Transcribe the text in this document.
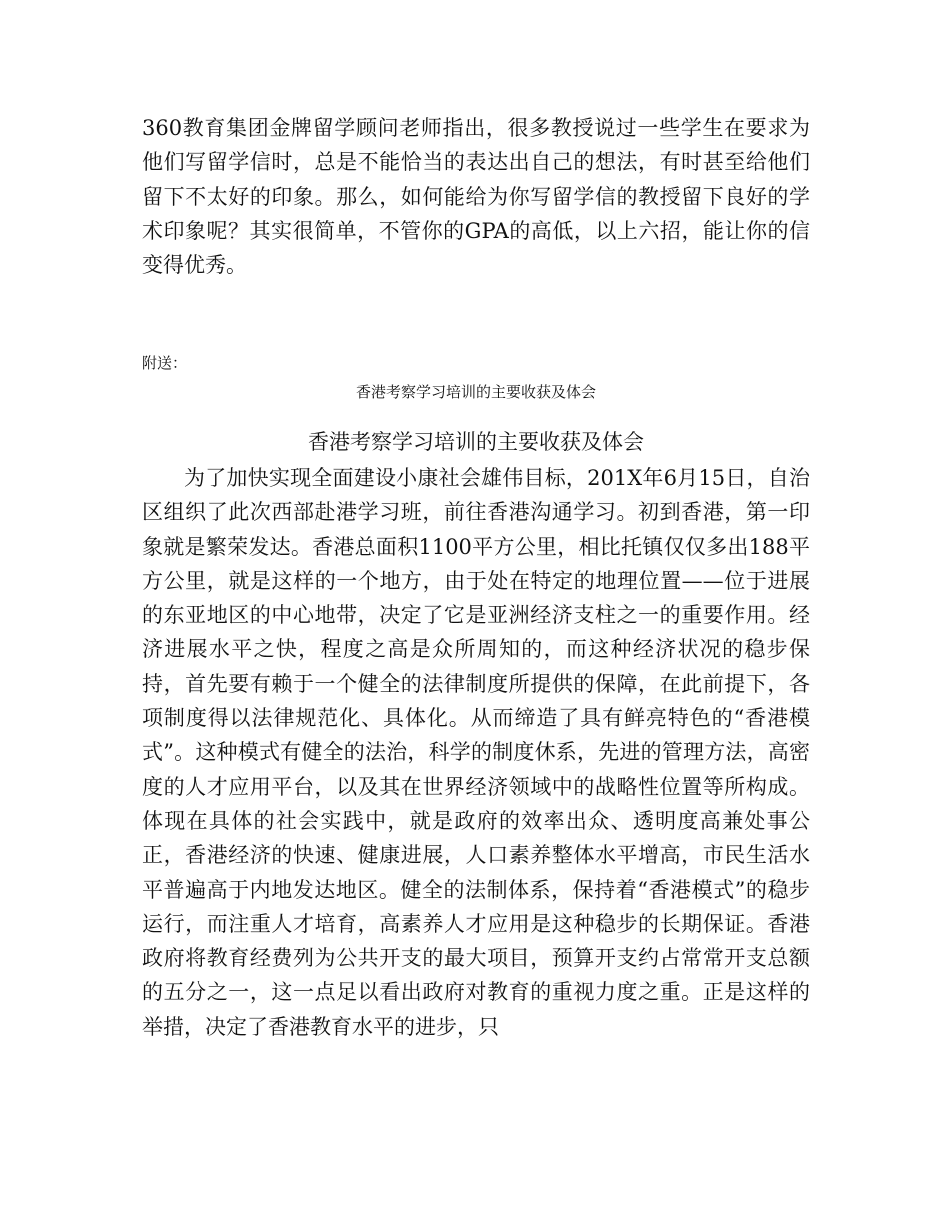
360教育集团金牌留学顾问老师指出，很多教授说过一些学生在要求为他们写留学信时，总是不能恰当的表达出自己的想法，有时甚至给他们留下不太好的印象。那么，如何能给为你写留学信的教授留下良好的学术印象呢？其实很简单，不管你的GPA的高低，以上六招，能让你的信变得优秀。

附送：

香港考察学习培训的主要收获及体会

香港考察学习培训的主要收获及体会

为了加快实现全面建设小康社会雄伟目标，201X年6月15日，自治区组织了此次西部赴港学习班，前往香港沟通学习。初到香港，第一印象就是繁荣发达。香港总面积1100平方公里，相比托镇仅仅多出188平方公里，就是这样的一个地方，由于处在特定的地理位置——位于进展的东亚地区的中心地带，决定了它是亚洲经济支柱之一的重要作用。经济进展水平之快，程度之高是众所周知的，而这种经济状况的稳步保持，首先要有赖于一个健全的法律制度所提供的保障，在此前提下，各项制度得以法律规范化、具体化。从而缔造了具有鲜亮特色的“香港模式”。这种模式有健全的法治，科学的制度休系，先进的管理方法，高密度的人才应用平台，以及其在世界经济领域中的战略性位置等所构成。体现在具体的社会实践中，就是政府的效率出众、透明度高兼处事公正，香港经济的快速、健康进展，人口素养整体水平增高，市民生活水平普遍高于内地发达地区。健全的法制体系，保持着“香港模式”的稳步运行，而注重人才培育，高素养人才应用是这种稳步的长期保证。香港政府将教育经费列为公共开支的最大项目，预算开支约占常常开支总额的五分之一，这一点足以看出政府对教育的重视力度之重。正是这样的举措，决定了香港教育水平的进步，只
